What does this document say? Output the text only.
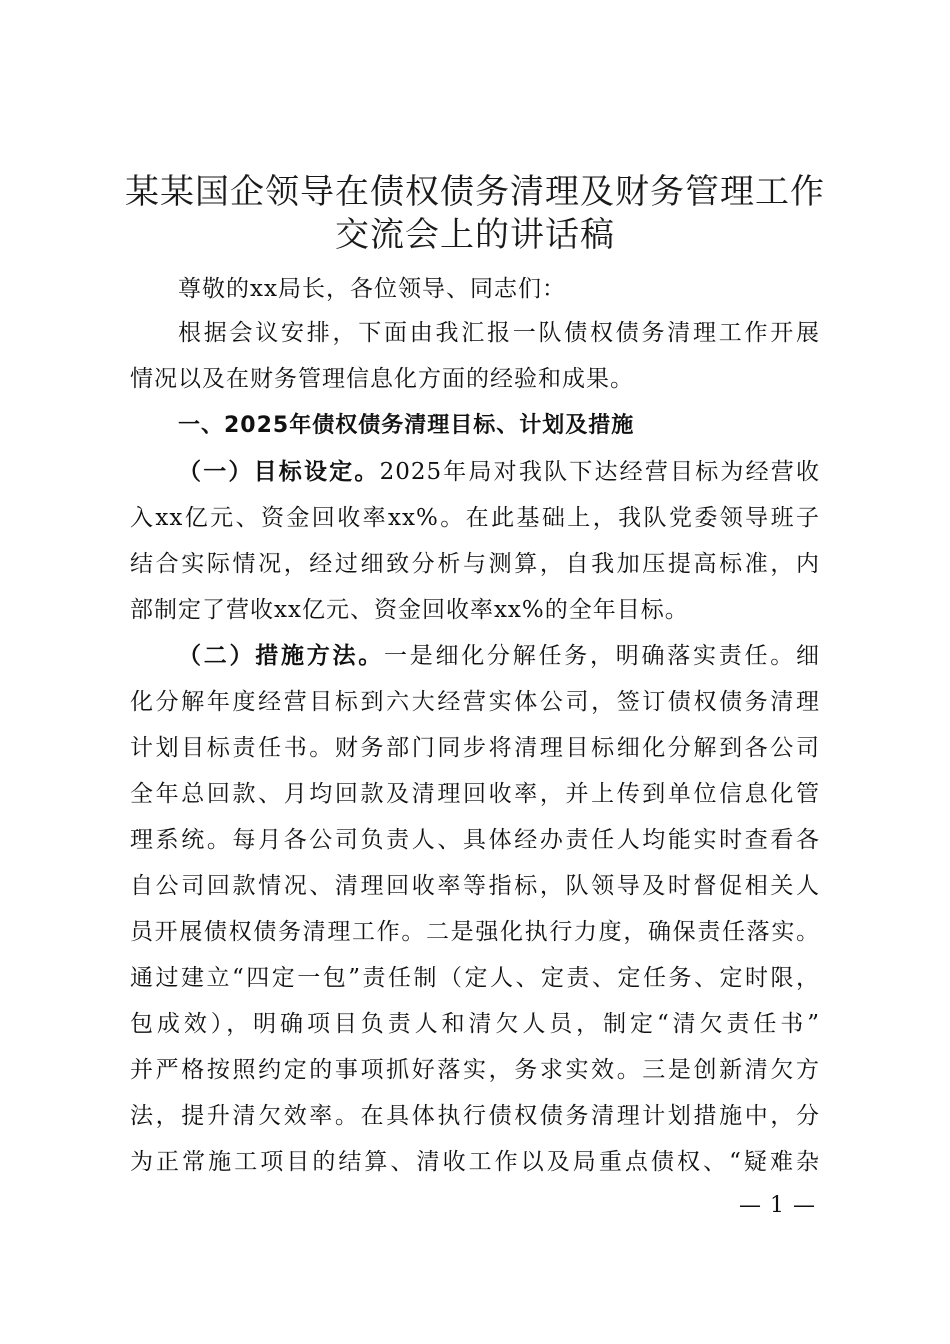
某某国企领导在债权债务清理及财务管理工作
交流会上的讲话稿
尊敬的xx局长，各位领导、同志们：
根据会议安排，下面由我汇报一队债权债务清理工作开展
情况以及在财务管理信息化方面的经验和成果。
一、2025年债权债务清理目标、计划及措施
（一）目标设定。2025年局对我队下达经营目标为经营收
入xx亿元、资金回收率xx%。在此基础上，我队党委领导班子
结合实际情况，经过细致分析与测算，自我加压提高标准，内
部制定了营收xx亿元、资金回收率xx%的全年目标。
（二）措施方法。一是细化分解任务，明确落实责任。细
化分解年度经营目标到六大经营实体公司，签订债权债务清理
计划目标责任书。财务部门同步将清理目标细化分解到各公司
全年总回款、月均回款及清理回收率，并上传到单位信息化管
理系统。每月各公司负责人、具体经办责任人均能实时查看各
自公司回款情况、清理回收率等指标，队领导及时督促相关人
员开展债权债务清理工作。二是强化执行力度，确保责任落实。
通过建立“四定一包”责任制（定人、定责、定任务、定时限，
包成效），明确项目负责人和清欠人员，制定“清欠责任书”
并严格按照约定的事项抓好落实，务求实效。三是创新清欠方
法，提升清欠效率。在具体执行债权债务清理计划措施中，分
为正常施工项目的结算、清收工作以及局重点债权、“疑难杂
— 1 —
